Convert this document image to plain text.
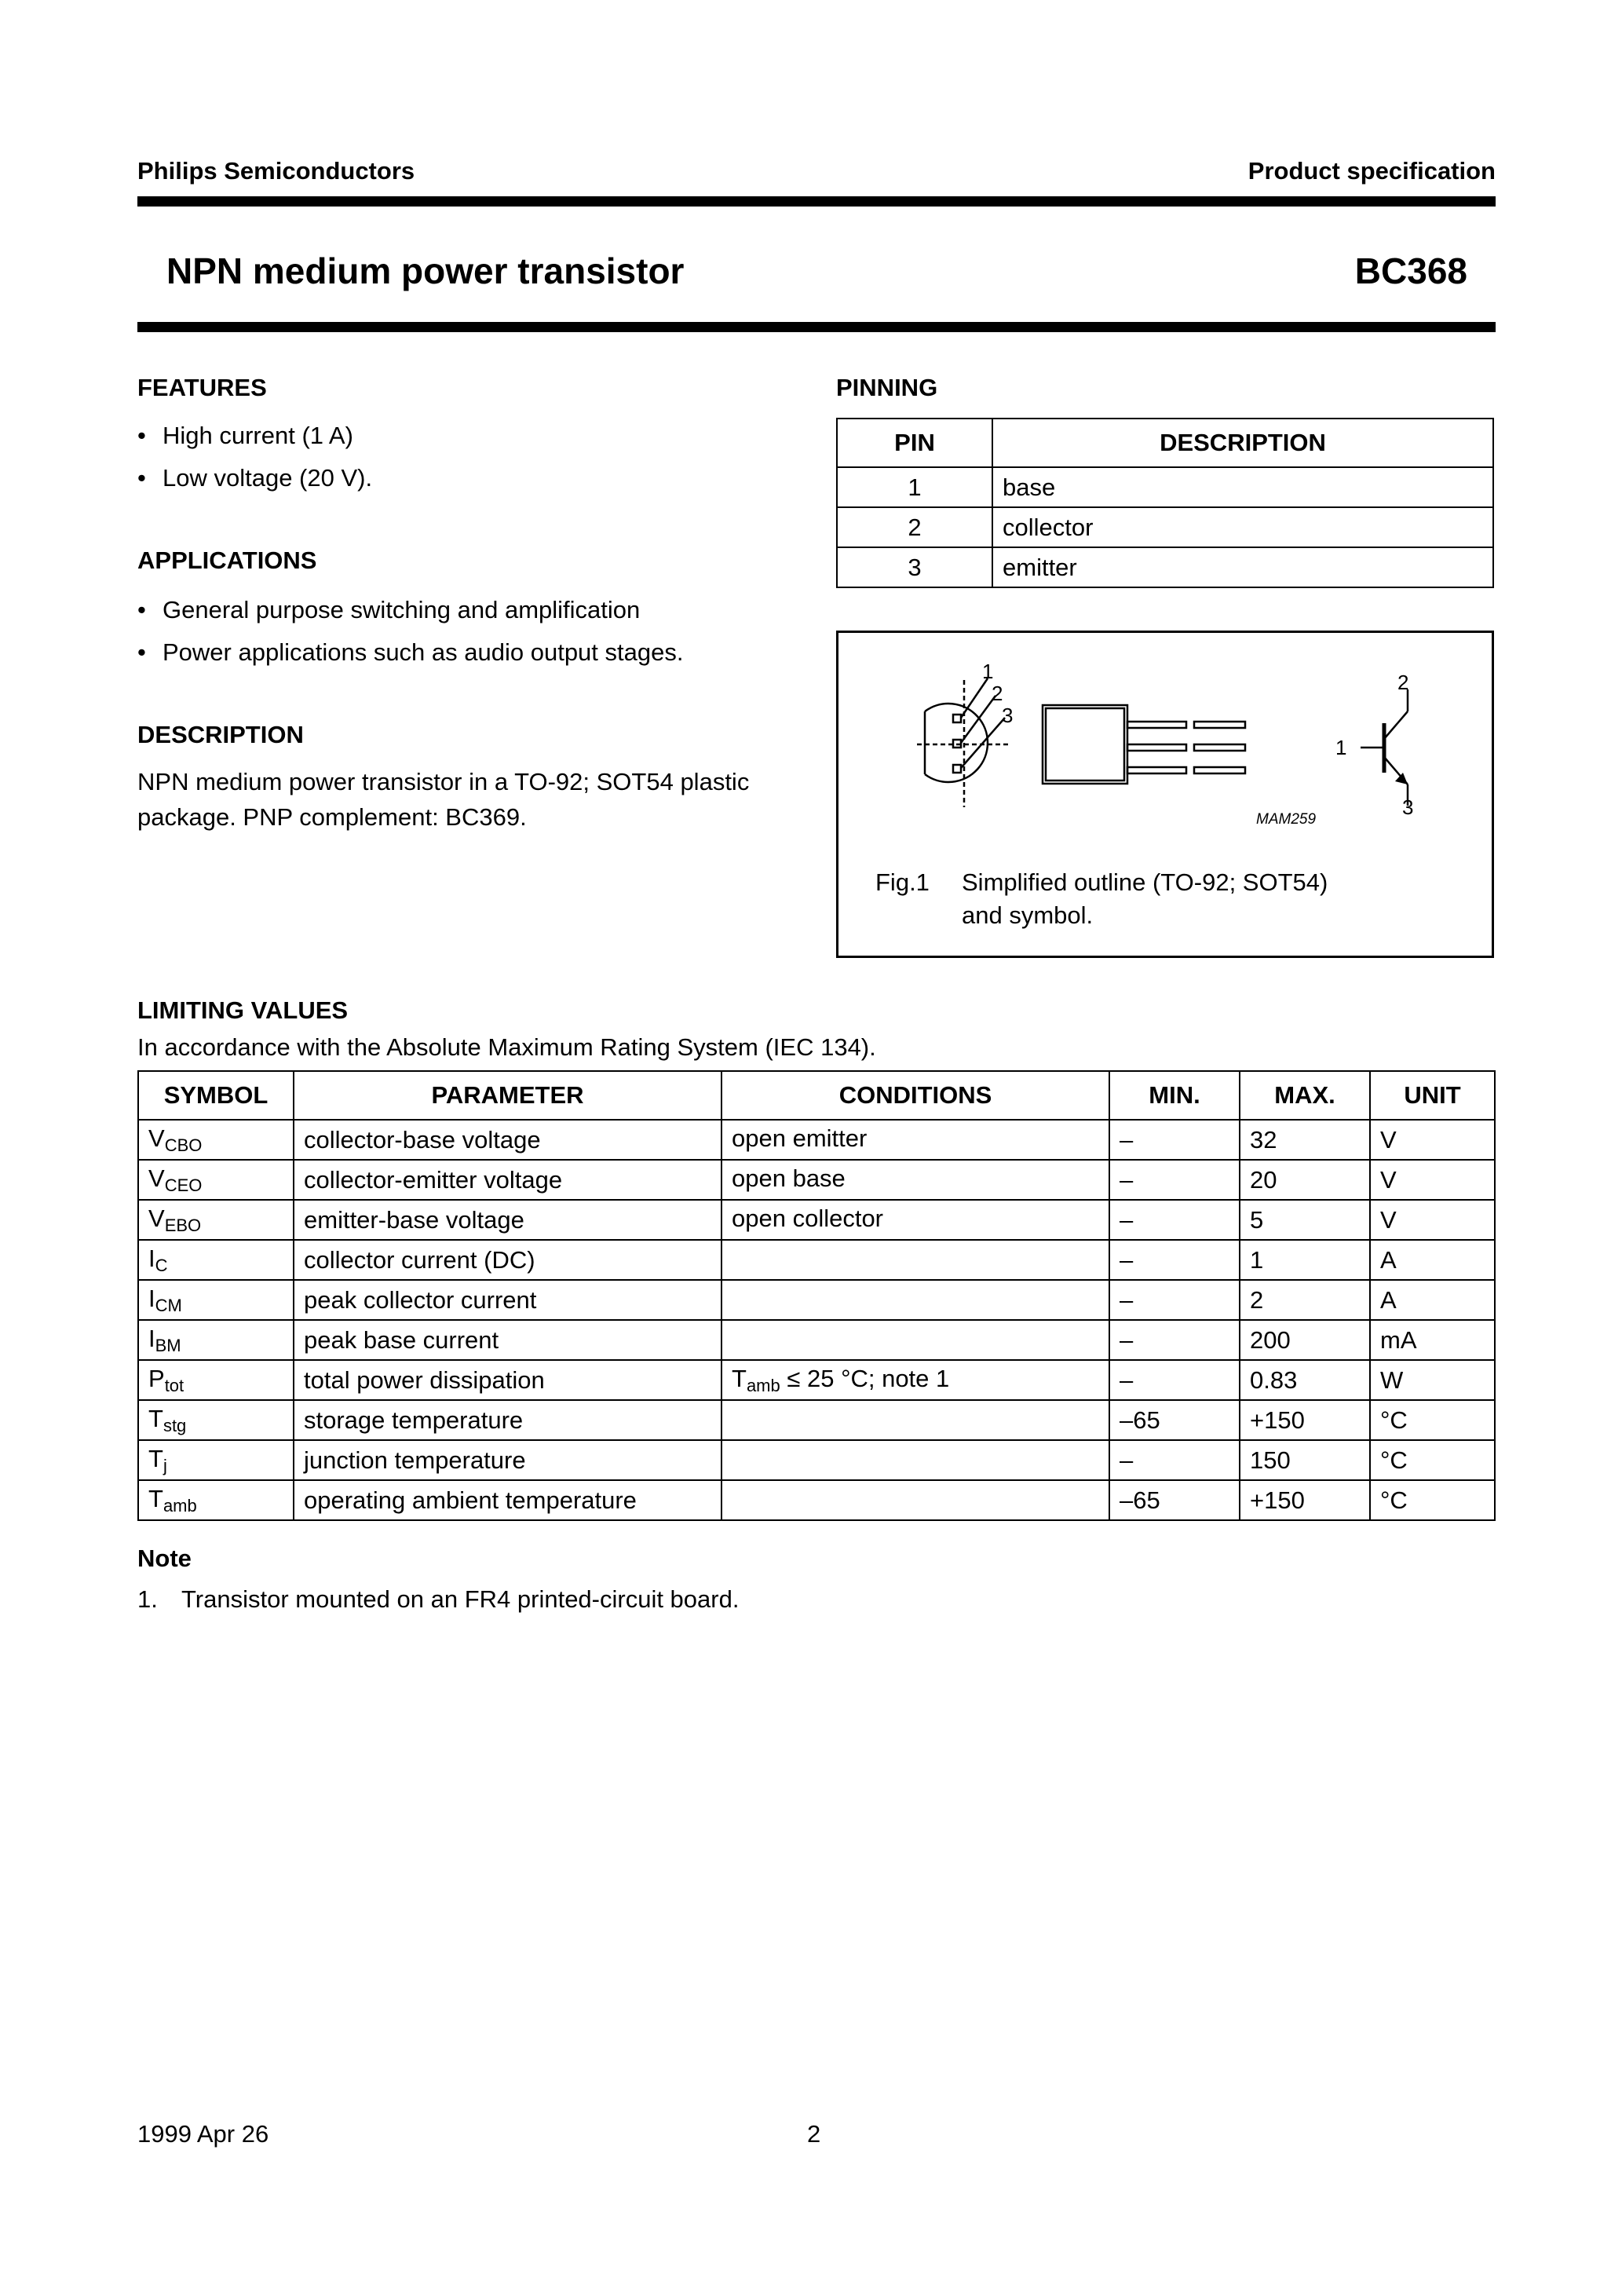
Philips Semiconductors	Product specification
NPN medium power transistor	BC368
FEATURES
• High current (1 A)
• Low voltage (20 V).
APPLICATIONS
• General purpose switching and amplification
• Power applications such as audio output stages.
DESCRIPTION
NPN medium power transistor in a TO-92; SOT54 plastic
package. PNP complement: BC369.
PINNING
PIN	DESCRIPTION
1	base
2	collector
3	emitter
1
2
3
MAM259
2
1
3
Fig.1 Simplified outline (TO-92; SOT54)
and symbol.
LIMITING VALUES
In accordance with the Absolute Maximum Rating System (IEC 134).
SYMBOL	PARAMETER	CONDITIONS	MIN.	MAX.	UNIT
$V_{CBO}$	collector-base voltage	open emitter	–	32	V
$V_{CEO}$	collector-emitter voltage	open base	–	20	V
$V_{EBO}$	emitter-base voltage	open collector	–	5	V
$I_C$	collector current (DC)		–	1	A
$I_{CM}$	peak collector current		–	2	A
$I_{BM}$	peak base current		–	200	mA
$P_{tot}$	total power dissipation	$T_{amb} \le 25$ °C; note 1	–	0.83	W
$T_{stg}$	storage temperature		–65	+150	°C
$T_j$	junction temperature		–	150	°C
$T_{amb}$	operating ambient temperature		–65	+150	°C
Note
1. Transistor mounted on an FR4 printed-circuit board.
1999 Apr 26	2
